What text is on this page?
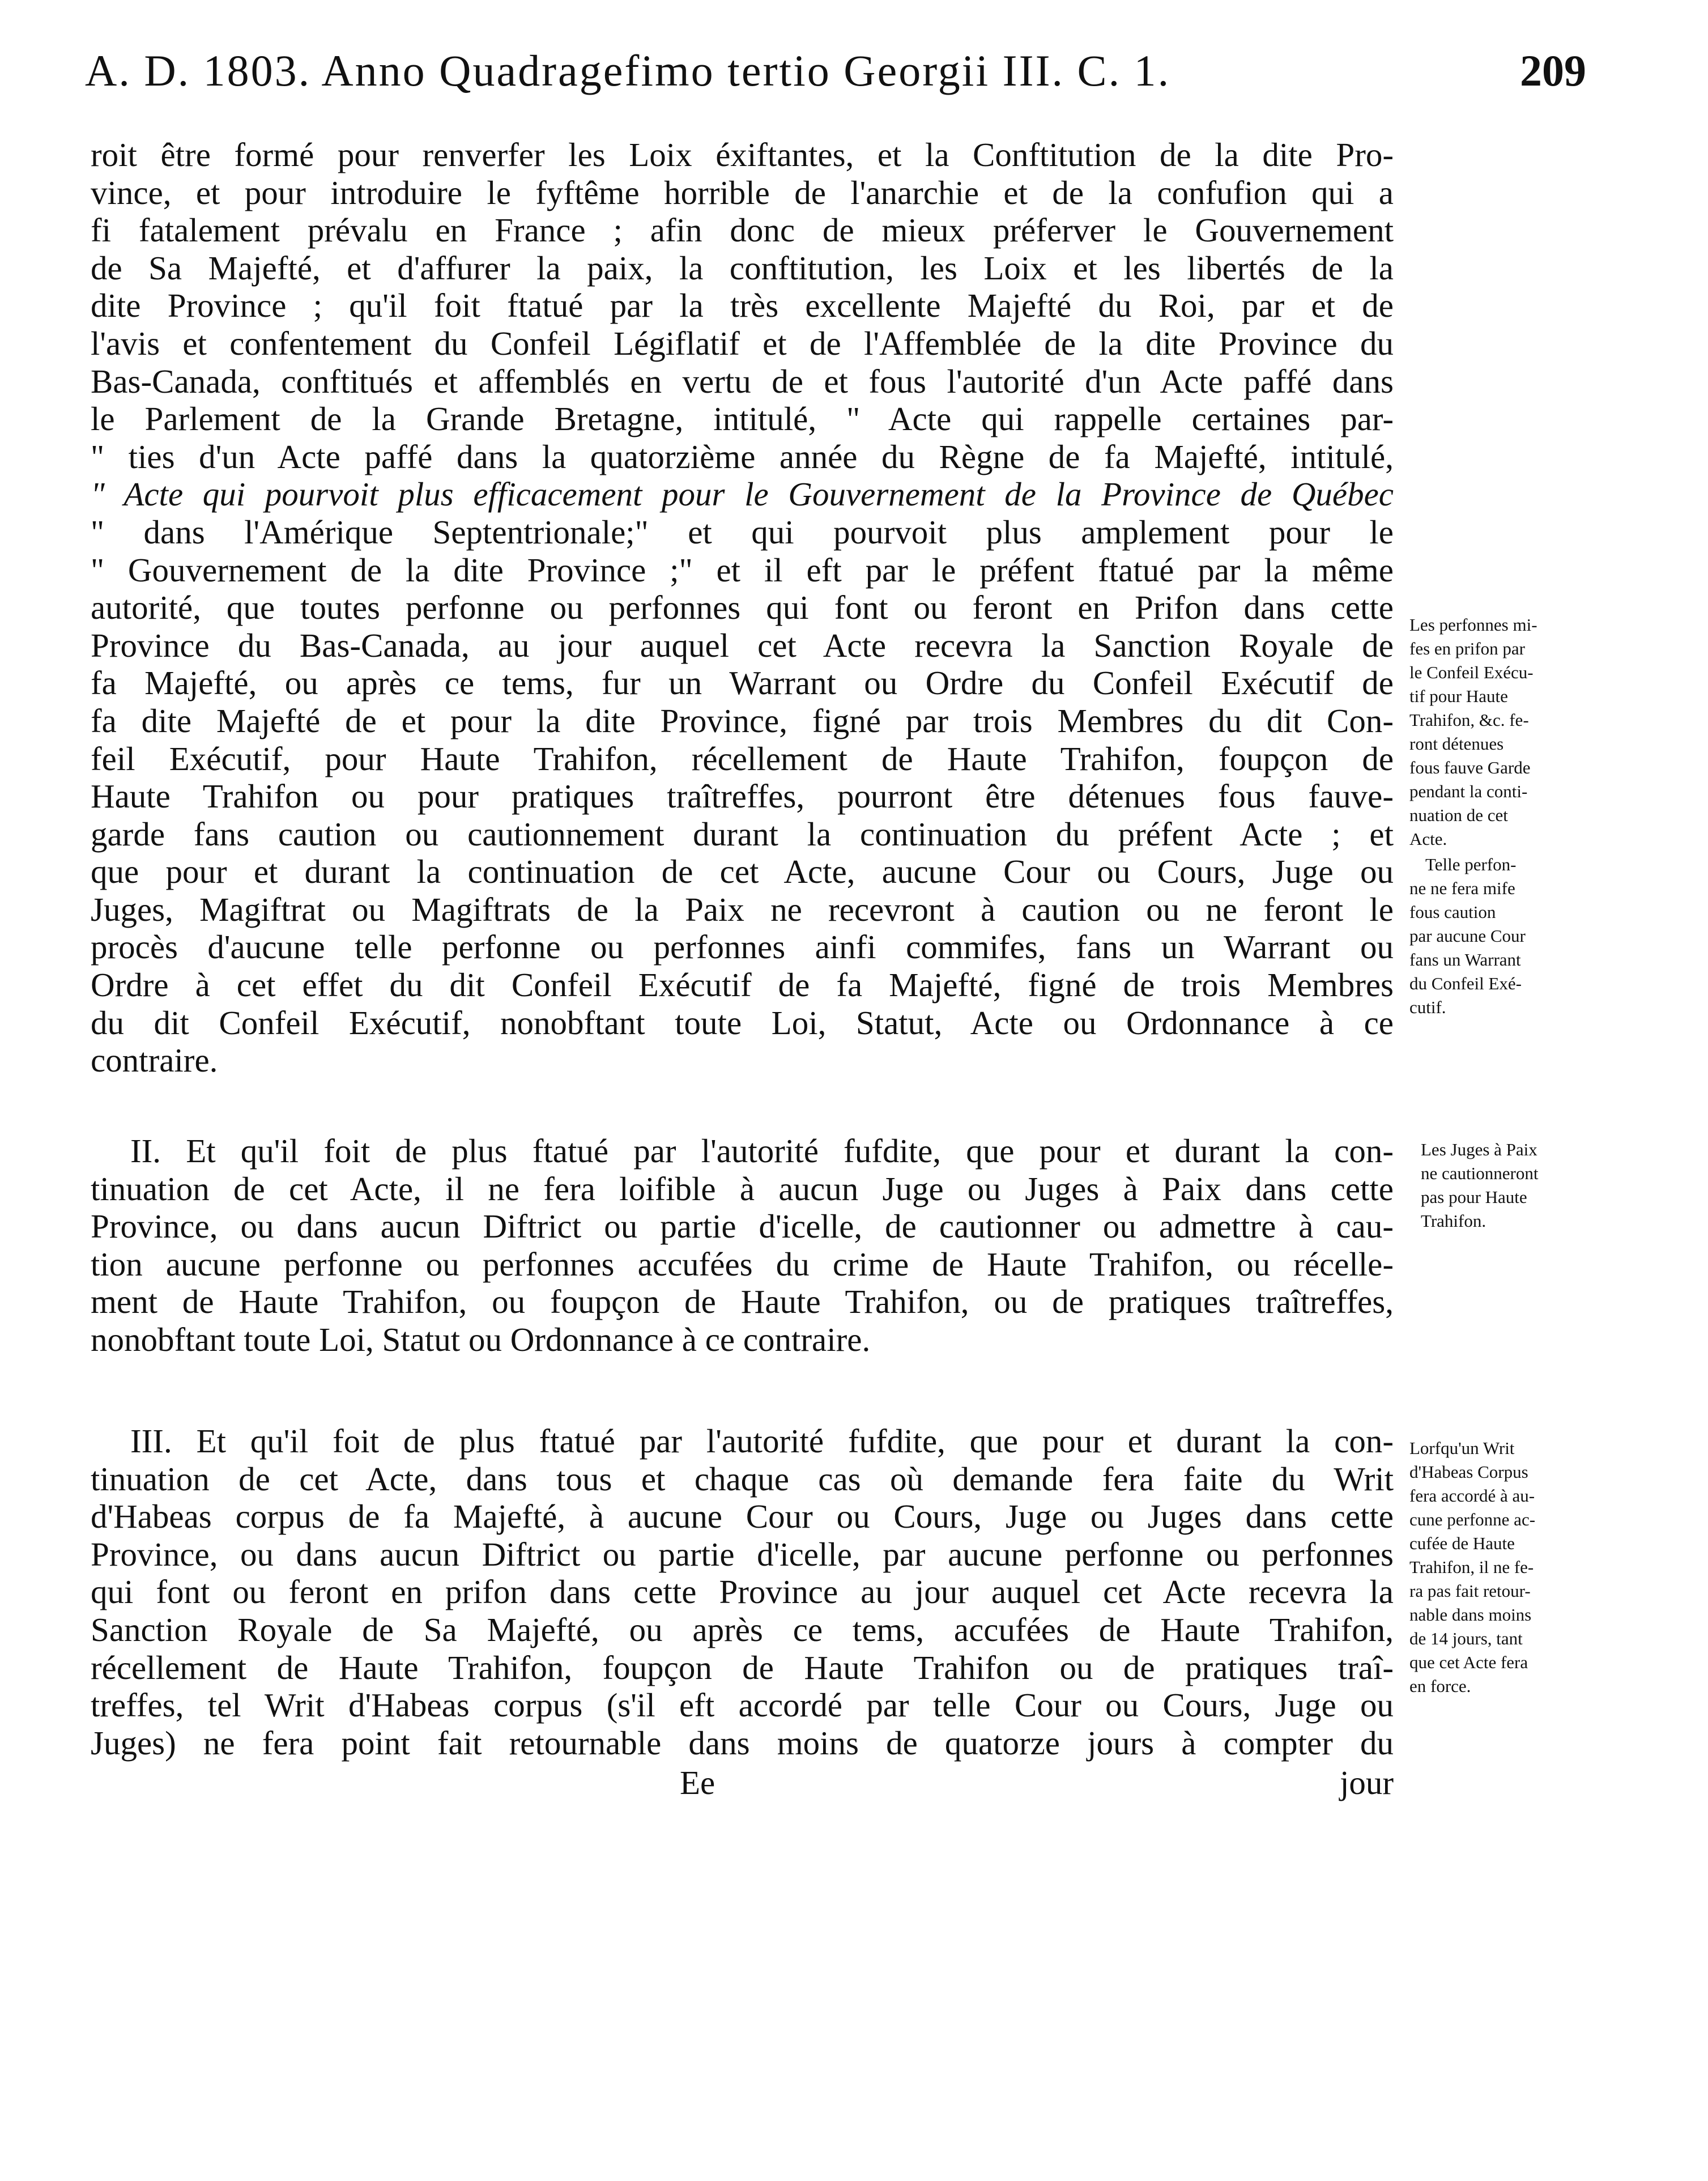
A. D. 1803. Anno Quadragefimo tertio Georgii III. C. 1.	209

roit être formé pour renverfer les Loix éxiftantes, et la Conftitution de la dite Pro-
vince, et pour introduire le fyftême horrible de l'anarchie et de la confufion qui a
fi fatalement prévalu en France ; afin donc de mieux préferver le Gouvernement
de Sa Majefté, et d'affurer la paix, la conftitution, les Loix et les libertés de la
dite Province ; qu'il foit ftatué par la très excellente Majefté du Roi, par et de
l'avis et confentement du Confeil Légiflatif et de l'Affemblée de la dite Province du
Bas-Canada, conftitués et affemblés en vertu de et fous l'autorité d'un Acte paffé dans
le Parlement de la Grande Bretagne, intitulé, " Acte qui rappelle certaines par-
" ties d'un Acte paffé dans la quatorzième année du Règne de fa Majefté, intitulé,
" Acte qui pourvoit plus efficacement pour le Gouvernement de la Province de Québec
" dans l'Amérique Septentrionale;" et qui pourvoit plus amplement pour le
" Gouvernement de la dite Province ;" et il eft par le préfent ftatué par la même
autorité, que toutes perfonne ou perfonnes qui font ou feront en Prifon dans cette
Province du Bas-Canada, au jour auquel cet Acte recevra la Sanction Royale de
fa Majefté, ou après ce tems, fur un Warrant ou Ordre du Confeil Exécutif de
fa dite Majefté de et pour la dite Province, figné par trois Membres du dit Con-
feil Exécutif, pour Haute Trahifon, récellement de Haute Trahifon, foupçon de
Haute Trahifon ou pour pratiques traîtreffes, pourront être détenues fous fauve-
garde fans caution ou cautionnement durant la continuation du préfent Acte ; et
que pour et durant la continuation de cet Acte, aucune Cour ou Cours, Juge ou
Juges, Magiftrat ou Magiftrats de la Paix ne recevront à caution ou ne feront le
procès d'aucune telle perfonne ou perfonnes ainfi commifes, fans un Warrant ou
Ordre à cet effet du dit Confeil Exécutif de fa Majefté, figné de trois Membres
du dit Confeil Exécutif, nonobftant toute Loi, Statut, Acte ou Ordonnance à ce
contraire.

II. Et qu'il foit de plus ftatué par l'autorité fufdite, que pour et durant la con-
tinuation de cet Acte, il ne fera loifible à aucun Juge ou Juges à Paix dans cette
Province, ou dans aucun Diftrict ou partie d'icelle, de cautionner ou admettre à cau-
tion aucune perfonne ou perfonnes accufées du crime de Haute Trahifon, ou récelle-
ment de Haute Trahifon, ou foupçon de Haute Trahifon, ou de pratiques traîtreffes,
nonobftant toute Loi, Statut ou Ordonnance à ce contraire.

III. Et qu'il foit de plus ftatué par l'autorité fufdite, que pour et durant la con-
tinuation de cet Acte, dans tous et chaque cas où demande fera faite du Writ
d'Habeas corpus de fa Majefté, à aucune Cour ou Cours, Juge ou Juges dans cette
Province, ou dans aucun Diftrict ou partie d'icelle, par aucune perfonne ou perfonnes
qui font ou feront en prifon dans cette Province au jour auquel cet Acte recevra la
Sanction Royale de Sa Majefté, ou après ce tems, accufées de Haute Trahifon,
récellement de Haute Trahifon, foupçon de Haute Trahifon ou de pratiques traî-
treffes, tel Writ d'Habeas corpus (s'il eft accordé par telle Cour ou Cours, Juge ou
Juges) ne fera point fait retournable dans moins de quatorze jours à compter du

Ee	jour
Les perfonnes mi-
fes en prifon par
le Confeil Exécu-
tif pour Haute
Trahifon, &c. fe-
ront détenues
fous fauve Garde
pendant la conti-
nuation de cet
Acte.
Telle perfon-
ne ne fera mife
fous caution
par aucune Cour
fans un Warrant
du Confeil Exé-
cutif.
Les Juges à Paix
ne cautionneront
pas pour Haute
Trahifon.
Lorfqu'un Writ
d'Habeas Corpus
fera accordé à au-
cune perfonne ac-
cufée de Haute
Trahifon, il ne fe-
ra pas fait retour-
nable dans moins
de 14 jours, tant
que cet Acte fera
en force.
